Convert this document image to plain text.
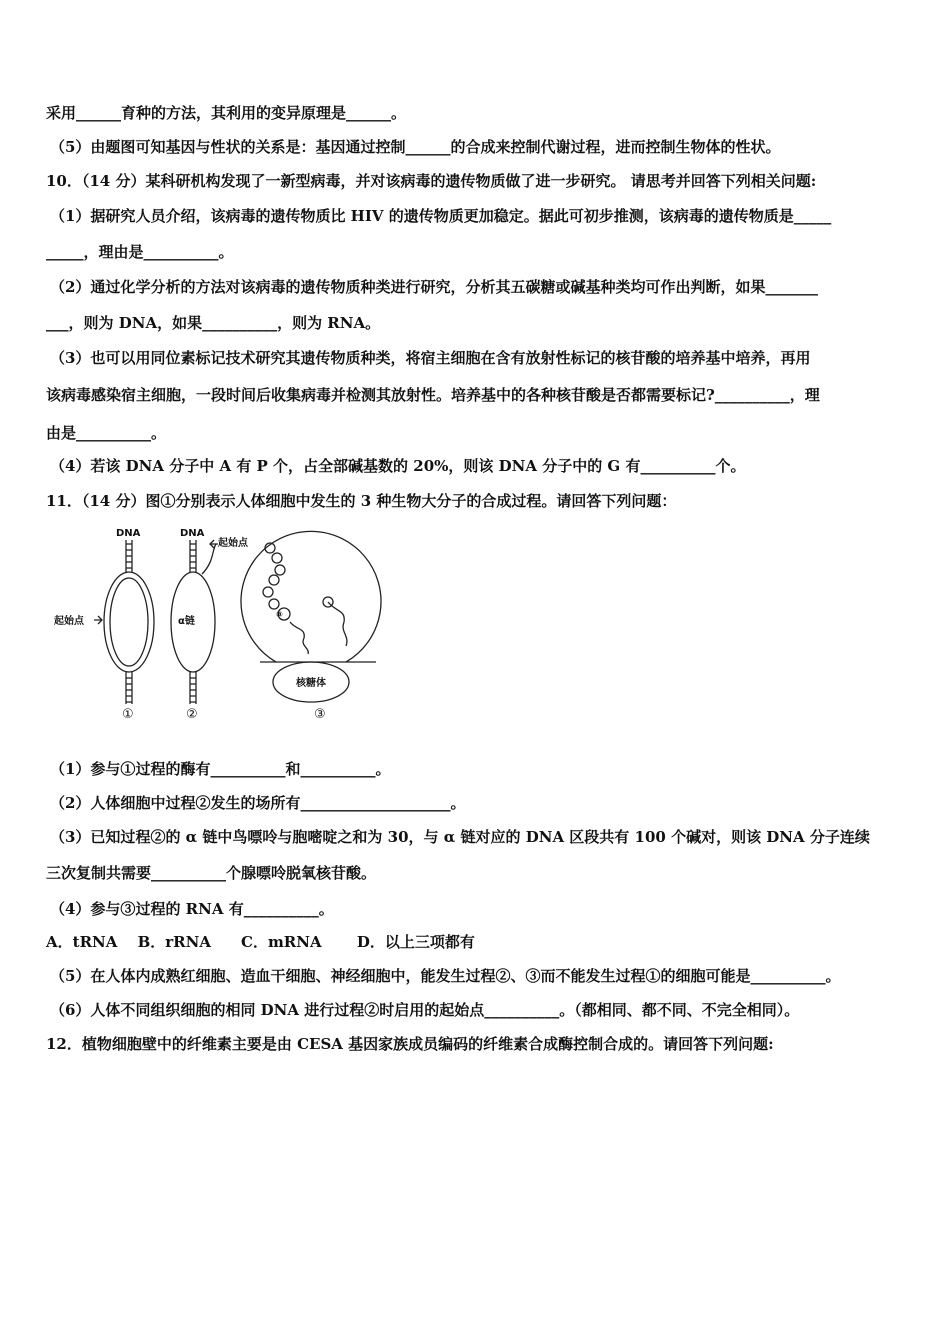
采用______育种的方法，其利用的变异原理是______。
（5）由题图可知基因与性状的关系是：基因通过控制______的合成来控制代谢过程，进而控制生物体的性状。
10．（14 分）某科研机构发现了一新型病毒，并对该病毒的遗传物质做了进一步研究。 请思考并回答下列相关问题:
（1）据研究人员介绍，该病毒的遗传物质比 HIV 的遗传物质更加稳定。据此可初步推测，该病毒的遗传物质是_____
_____，理由是__________。
（2）通过化学分析的方法对该病毒的遗传物质种类进行研究，分析其五碳糖或碱基种类均可作出判断，如果_______
___，则为 DNA，如果__________，则为 RNA。
（3）也可以用同位素标记技术研究其遗传物质种类，将宿主细胞在含有放射性标记的核苷酸的培养基中培养，再用
该病毒感染宿主细胞，一段时间后收集病毒并检测其放射性。培养基中的各种核苷酸是否都需要标记?__________，理
由是__________。
（4）若该 DNA 分子中 A 有 P 个，占全部碱基数的 20%，则该 DNA 分子中的 G 有__________个。
11．（14 分）图①分别表示人体细胞中发生的 3 种生物大分子的合成过程。请回答下列问题：
DNA	DNA
起始点
起始点
α链
核糖体
⑧
①	②	③
（1）参与①过程的酶有__________和__________。
（2）人体细胞中过程②发生的场所有____________________。
（3）已知过程②的 α 链中鸟嘌呤与胞嘧啶之和为 30，与 α 链对应的 DNA 区段共有 100 个碱对，则该 DNA 分子连续
三次复制共需要__________个腺嘌呤脱氧核苷酸。
（4）参与③过程的 RNA 有__________。
A．tRNA　 B．rRNA　　C．mRNA　　 D．以上三项都有
（5）在人体内成熟红细胞、造血干细胞、神经细胞中，能发生过程②、③而不能发生过程①的细胞可能是__________。
（6）人体不同组织细胞的相同 DNA 进行过程②时启用的起始点__________。（都相同、都不同、不完全相同）。
12．植物细胞壁中的纤维素主要是由 CESA 基因家族成员编码的纤维素合成酶控制合成的。请回答下列问题:
